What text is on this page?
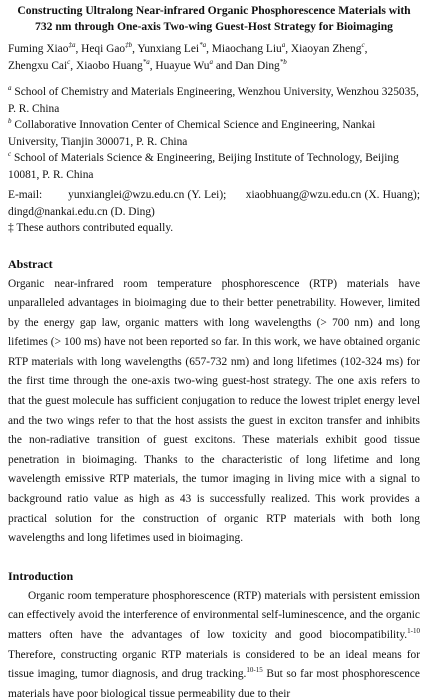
Constructing Ultralong Near-infrared Organic Phosphorescence Materials with 732 nm through One-axis Two-wing Guest-Host Strategy for Bioimaging
Fuming Xiao$^{\ddagger a}$, Heqi Gao$^{\ddagger b}$, Yunxiang Lei$^{*a}$, Miaochang Liu$^a$, Xiaoyan Zheng$^c$, Zhengxu Cai$^c$, Xiaobo Huang$^{*a}$, Huayue Wu$^a$ and Dan Ding$^{*b}$
$^a$ School of Chemistry and Materials Engineering, Wenzhou University, Wenzhou 325035, P. R. China
$^b$ Collaborative Innovation Center of Chemical Science and Engineering, Nankai University, Tianjin 300071, P. R. China
$^c$ School of Materials Science & Engineering, Beijing Institute of Technology, Beijing 10081, P. R. China
E-mail: yunxianglei@wzu.edu.cn (Y. Lei); xiaobhuang@wzu.edu.cn (X. Huang); dingd@nankai.edu.cn (D. Ding)
‡ These authors contributed equally.
Abstract
Organic near-infrared room temperature phosphorescence (RTP) materials have unparalleled advantages in bioimaging due to their better penetrability. However, limited by the energy gap law, organic matters with long wavelengths (> 700 nm) and long lifetimes (> 100 ms) have not been reported so far. In this work, we have obtained organic RTP materials with long wavelengths (657-732 nm) and long lifetimes (102-324 ms) for the first time through the one-axis two-wing guest-host strategy. The one axis refers to that the guest molecule has sufficient conjugation to reduce the lowest triplet energy level and the two wings refer to that the host assists the guest in exciton transfer and inhibits the non-radiative transition of guest excitons. These materials exhibit good tissue penetration in bioimaging. Thanks to the characteristic of long lifetime and long wavelength emissive RTP materials, the tumor imaging in living mice with a signal to background ratio value as high as 43 is successfully realized. This work provides a practical solution for the construction of organic RTP materials with both long wavelengths and long lifetimes used in bioimaging.
Introduction
Organic room temperature phosphorescence (RTP) materials with persistent emission can effectively avoid the interference of environmental self-luminescence, and the organic matters often have the advantages of low toxicity and good biocompatibility.$^{1-10}$ Therefore, constructing organic RTP materials is considered to be an ideal means for tissue imaging, tumor diagnosis, and drug tracking.$^{10-15}$ But so far most phosphorescence materials have poor biological tissue permeability due to their
